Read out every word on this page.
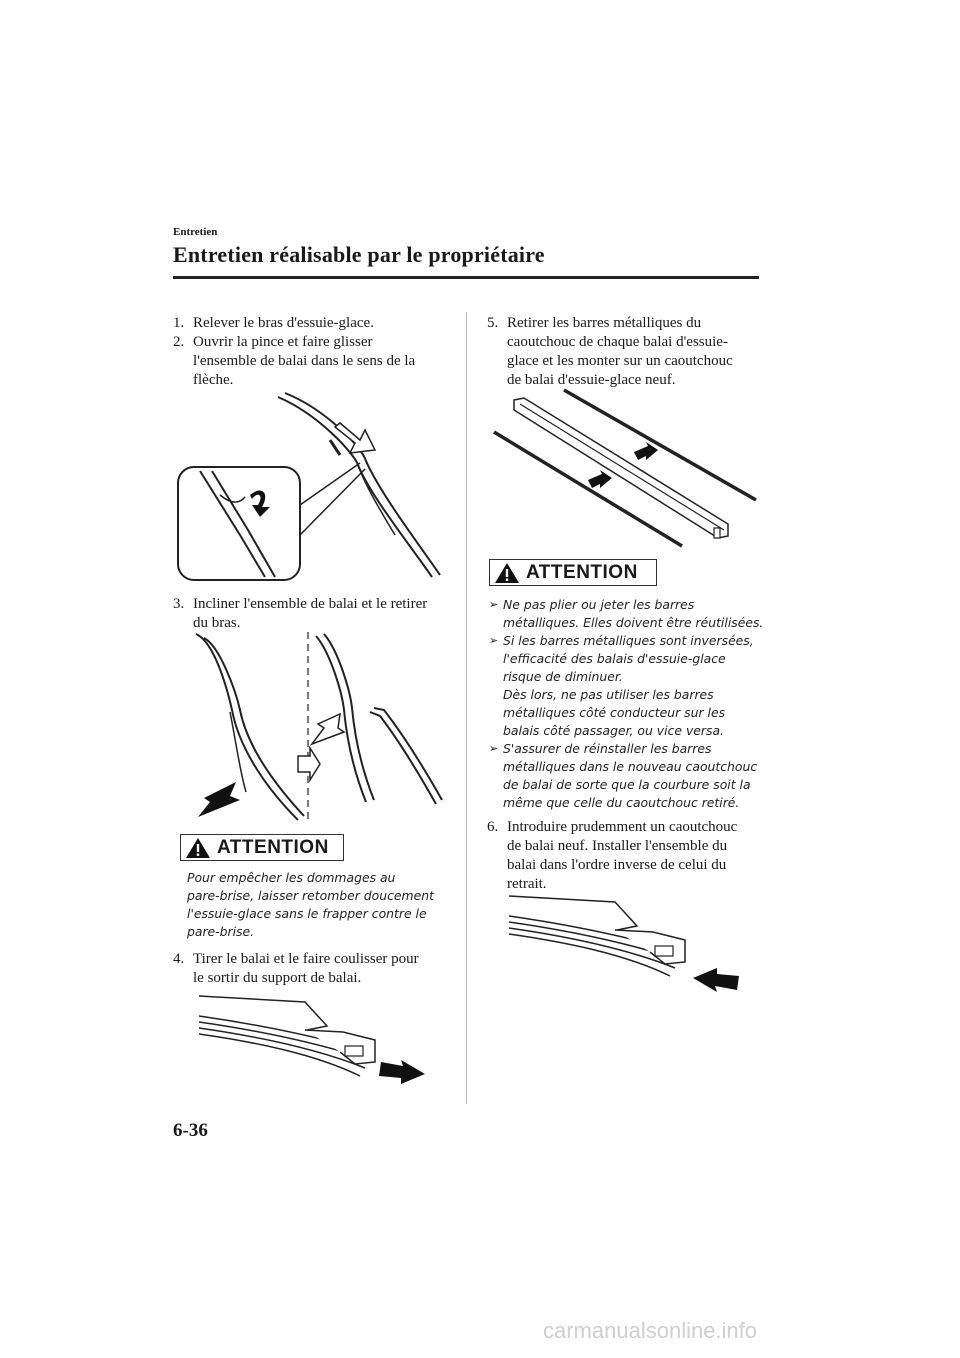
Entretien
Entretien réalisable par le propriétaire
1. Relever le bras d'essuie-glace.
2. Ouvrir la pince et faire glisser
l'ensemble de balai dans le sens de la
flèche.
3. Incliner l'ensemble de balai et le retirer
du bras.
ATTENTION
Pour empêcher les dommages au
pare-brise, laisser retomber doucement
l'essuie-glace sans le frapper contre le
pare-brise.
4. Tirer le balai et le faire coulisser pour
le sortir du support de balai.
5. Retirer les barres métalliques du
caoutchouc de chaque balai d'essuie-
glace et les monter sur un caoutchouc
de balai d'essuie-glace neuf.
ATTENTION
➢ Ne pas plier ou jeter les barres
métalliques. Elles doivent être réutilisées.
➢ Si les barres métalliques sont inversées,
l'efficacité des balais d'essuie-glace
risque de diminuer.
Dès lors, ne pas utiliser les barres
métalliques côté conducteur sur les
balais côté passager, ou vice versa.
➢ S'assurer de réinstaller les barres
métalliques dans le nouveau caoutchouc
de balai de sorte que la courbure soit la
même que celle du caoutchouc retiré.
6. Introduire prudemment un caoutchouc
de balai neuf. Installer l'ensemble du
balai dans l'ordre inverse de celui du
retrait.
6-36
carmanualsonline.info
